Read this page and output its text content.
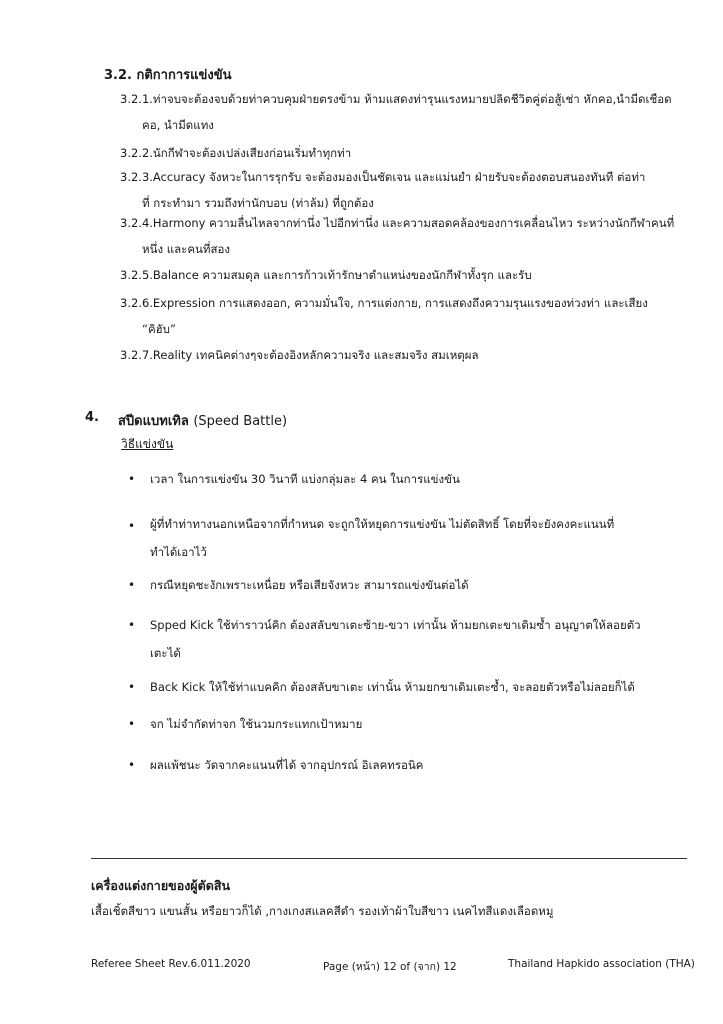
3.2. กติกาการแข่งขัน
3.2.1.ท่าจบจะต้องจบด้วยท่าควบคุมฝ่ายตรงข้าม ห้ามแสดงท่ารุนแรงหมายปลิดชีวิตคู่ต่อสู้เช่า หักคอ,นำมีดเชือด
คอ, นำมีดแทง
3.2.2.นักกีฬาจะต้องเปล่งเสียงก่อนเริ่มทำทุกท่า
3.2.3.Accuracy จังหวะในการรุกรับ จะต้องมองเป็นชัดเจน และแม่นยำ ฝ่ายรับจะต้องตอบสนองทันที ต่อท่า
ที่ กระทำมา รวมถึงท่านักบอบ (ท่าล้ม) ที่ถูกต้อง
3.2.4.Harmony ความลื่นไหลจากท่านึ่ง ไปอีกท่านึ่ง และความสอดคล้องของการเคลื่อนไหว ระหว่างนักกีฬาคนที่
หนึ่ง และคนที่สอง
3.2.5.Balance ความสมดุล และการก้าวเท้ารักษาตำแหน่งของนักกีฬาทั้งรุก และรับ
3.2.6.Expression การแสดงออก, ความมั่นใจ, การแต่งกาย, การแสดงถึงความรุนแรงของท่วงท่า และเสียง
“คิฮับ”
3.2.7.Reality เทคนิคต่างๆจะต้องอิงหลักความจริง และสมจริง สมเหตุผล
4. สปีดแบทเทิล (Speed Battle)
วิธีแข่งขัน
• เวลา ในการแข่งขัน 30 วินาที แบ่งกลุ่มละ 4 คน ในการแข่งขัน
• ผู้ที่ทำท่าทางนอกเหนือจากที่กำหนด จะถูกให้หยุดการแข่งขัน ไม่ตัดสิทธิ์ โดยที่จะยังคงคะแนนที่
ทำได้เอาไว้
• กรณีหยุดชะงักเพราะเหนื่อย หรือเสียจังหวะ สามารถแข่งขันต่อได้
• Spped Kick ใช้ท่าราวน์คิก ต้องสลับขาเตะซ้าย-ขวา เท่านั้น ห้ามยกเตะขาเดิมซ้ำ อนุญาตให้ลอยตัว
เตะได้
• Back Kick ให้ใช้ท่าแบคคิก ต้องสลับขาเตะ เท่านั้น ห้ามยกขาเดิมเตะซ้ำ, จะลอยตัวหรือไม่ลอยก็ได้
• จก ไม่จำกัดท่าจก ใช้นวมกระแทกเป้าหมาย
• ผลแพ้ชนะ วัดจากคะแนนที่ได้ จากอุปกรณ์ อิเลคทรอนิค
เครื่องแต่งกายของผู้ตัดสิน
เสื้อเชิ้ตสีขาว แขนสั้น หรือยาวก็ได้ ,กางเกงสแลคสีดำ รองเท้าผ้าใบสีขาว เนคไทสีแดงเลือดหมู
Referee Sheet Rev.6.011.2020	Page (หน้า) 12 of (จาก) 12	Thailand Hapkido association (THA)
